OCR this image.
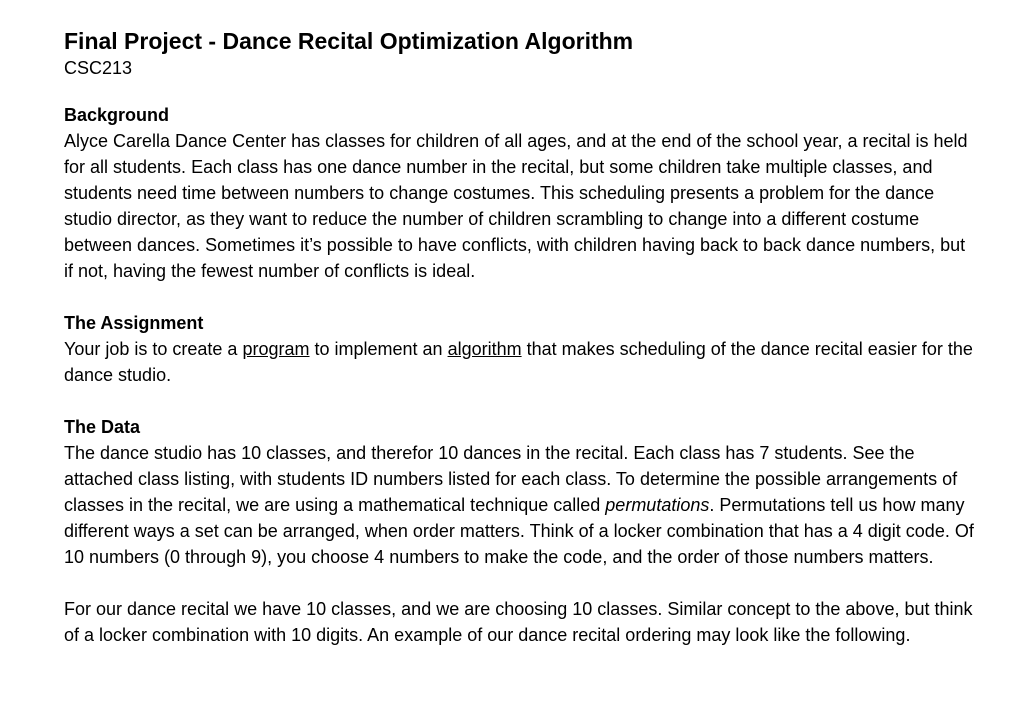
Final Project - Dance Recital Optimization Algorithm

CSC213

Background

Alyce Carella Dance Center has classes for children of all ages, and at the end of the school year, a recital is held for all students. Each class has one dance number in the recital, but some children take multiple classes, and students need time between numbers to change costumes. This scheduling presents a problem for the dance studio director, as they want to reduce the number of children scrambling to change into a different costume between dances. Sometimes it’s possible to have conflicts, with children having back to back dance numbers, but if not, having the fewest number of conflicts is ideal.

The Assignment

Your job is to create a program to implement an algorithm that makes scheduling of the dance recital easier for the dance studio.

The Data

The dance studio has 10 classes, and therefor 10 dances in the recital. Each class has 7 students. See the attached class listing, with students ID numbers listed for each class. To determine the possible arrangements of classes in the recital, we are using a mathematical technique called permutations. Permutations tell us how many different ways a set can be arranged, when order matters. Think of a locker combination that has a 4 digit code. Of 10 numbers (0 through 9), you choose 4 numbers to make the code, and the order of those numbers matters.

For our dance recital we have 10 classes, and we are choosing 10 classes. Similar concept to the above, but think of a locker combination with 10 digits. An example of our dance recital ordering may look like the following.
